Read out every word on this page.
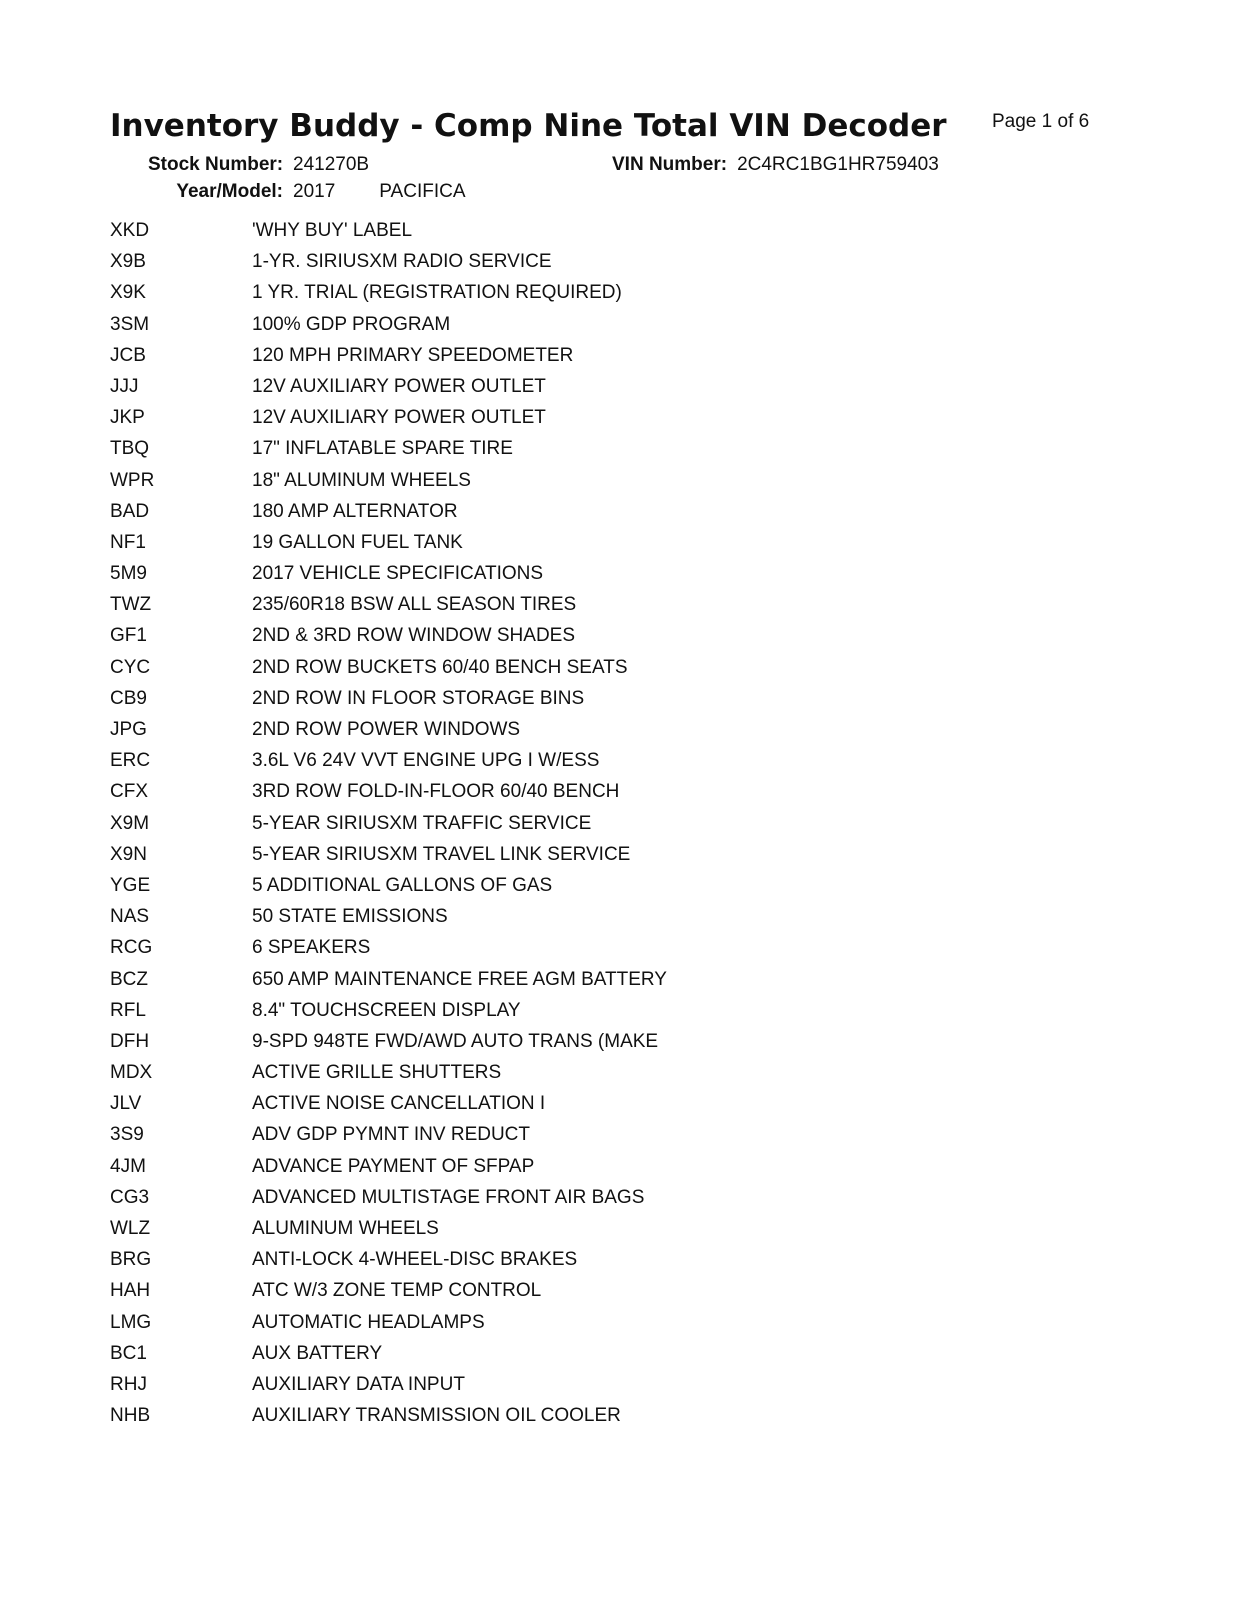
Inventory Buddy - Comp Nine Total VIN Decoder Page 1 of 6
Stock Number: 241270B	VIN Number: 2C4RC1BG1HR759403
Year/Model: 2017 PACIFICA
XKD	'WHY BUY' LABEL
X9B	1-YR. SIRIUSXM RADIO SERVICE
X9K	1 YR. TRIAL (REGISTRATION REQUIRED)
3SM	100% GDP PROGRAM
JCB	120 MPH PRIMARY SPEEDOMETER
JJJ	12V AUXILIARY POWER OUTLET
JKP	12V AUXILIARY POWER OUTLET
TBQ	17" INFLATABLE SPARE TIRE
WPR	18" ALUMINUM WHEELS
BAD	180 AMP ALTERNATOR
NF1	19 GALLON FUEL TANK
5M9	2017 VEHICLE SPECIFICATIONS
TWZ	235/60R18 BSW ALL SEASON TIRES
GF1	2ND & 3RD ROW WINDOW SHADES
CYC	2ND ROW BUCKETS 60/40 BENCH SEATS
CB9	2ND ROW IN FLOOR STORAGE BINS
JPG	2ND ROW POWER WINDOWS
ERC	3.6L V6 24V VVT ENGINE UPG I W/ESS
CFX	3RD ROW FOLD-IN-FLOOR 60/40 BENCH
X9M	5-YEAR SIRIUSXM TRAFFIC SERVICE
X9N	5-YEAR SIRIUSXM TRAVEL LINK SERVICE
YGE	5 ADDITIONAL GALLONS OF GAS
NAS	50 STATE EMISSIONS
RCG	6 SPEAKERS
BCZ	650 AMP MAINTENANCE FREE AGM BATTERY
RFL	8.4" TOUCHSCREEN DISPLAY
DFH	9-SPD 948TE FWD/AWD AUTO TRANS (MAKE
MDX	ACTIVE GRILLE SHUTTERS
JLV	ACTIVE NOISE CANCELLATION I
3S9	ADV GDP PYMNT INV REDUCT
4JM	ADVANCE PAYMENT OF SFPAP
CG3	ADVANCED MULTISTAGE FRONT AIR BAGS
WLZ	ALUMINUM WHEELS
BRG	ANTI-LOCK 4-WHEEL-DISC BRAKES
HAH	ATC W/3 ZONE TEMP CONTROL
LMG	AUTOMATIC HEADLAMPS
BC1	AUX BATTERY
RHJ	AUXILIARY DATA INPUT
NHB	AUXILIARY TRANSMISSION OIL COOLER
